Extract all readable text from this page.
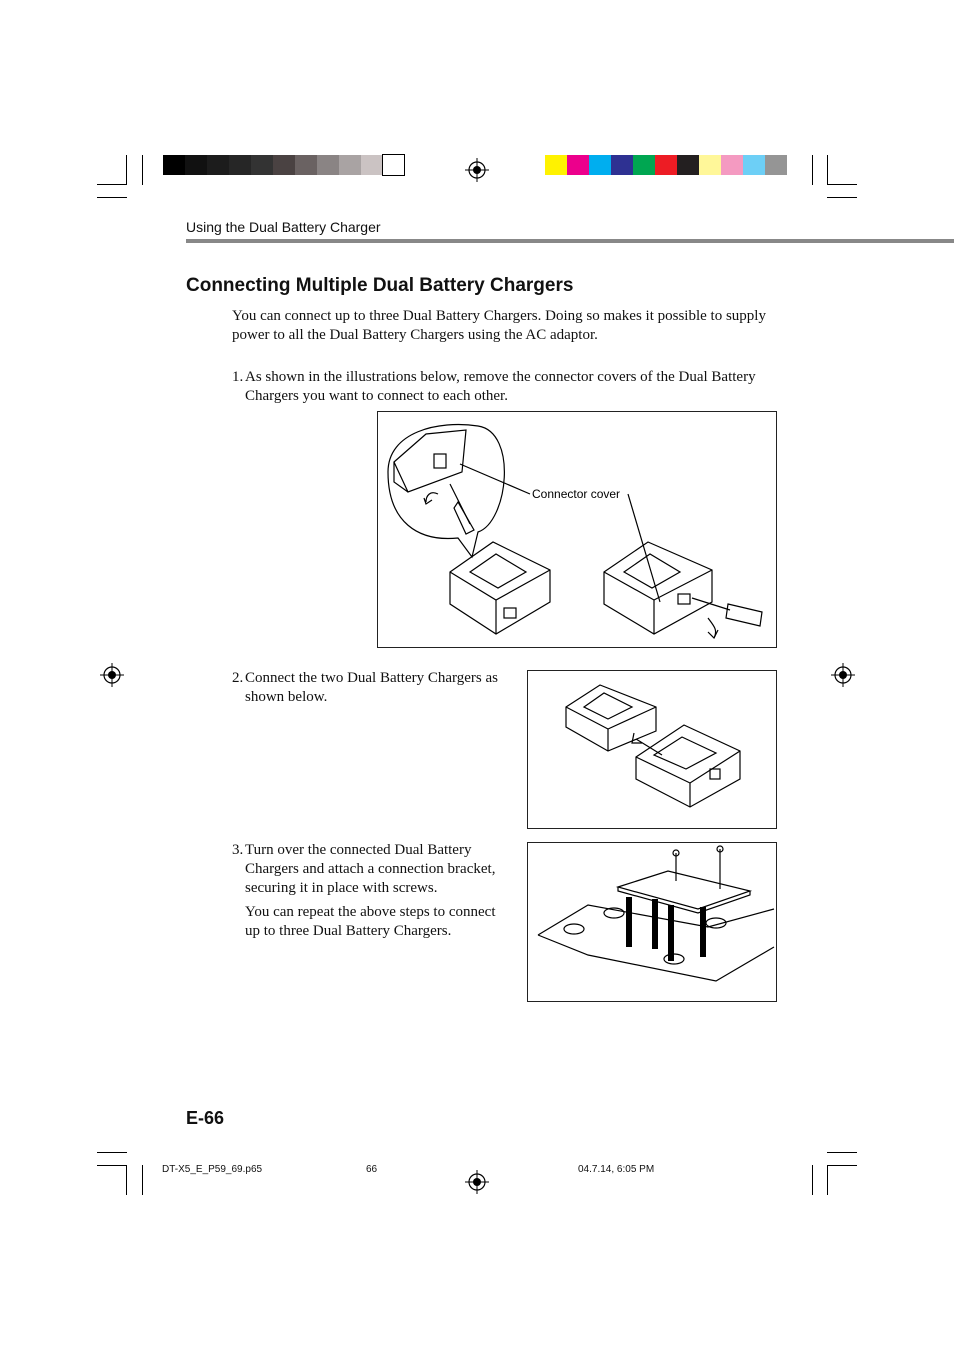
Using the Dual Battery Charger
Connecting Multiple Dual Battery Chargers
You can connect up to three Dual Battery Chargers. Doing so makes it possible to supply power to all the Dual Battery Chargers using the AC adaptor.
1. As shown in the illustrations below, remove the connector covers of the Dual Battery Chargers you want to connect to each other.
Connector cover
2. Connect the two Dual Battery Chargers as shown below.
3. Turn over the connected Dual Battery Chargers and attach a connection bracket, securing it in place with screws.
You can repeat the above steps to connect up to three Dual Battery Chargers.
E-66
DT-X5_E_P59_69.p65	66	04.7.14, 6:05 PM
